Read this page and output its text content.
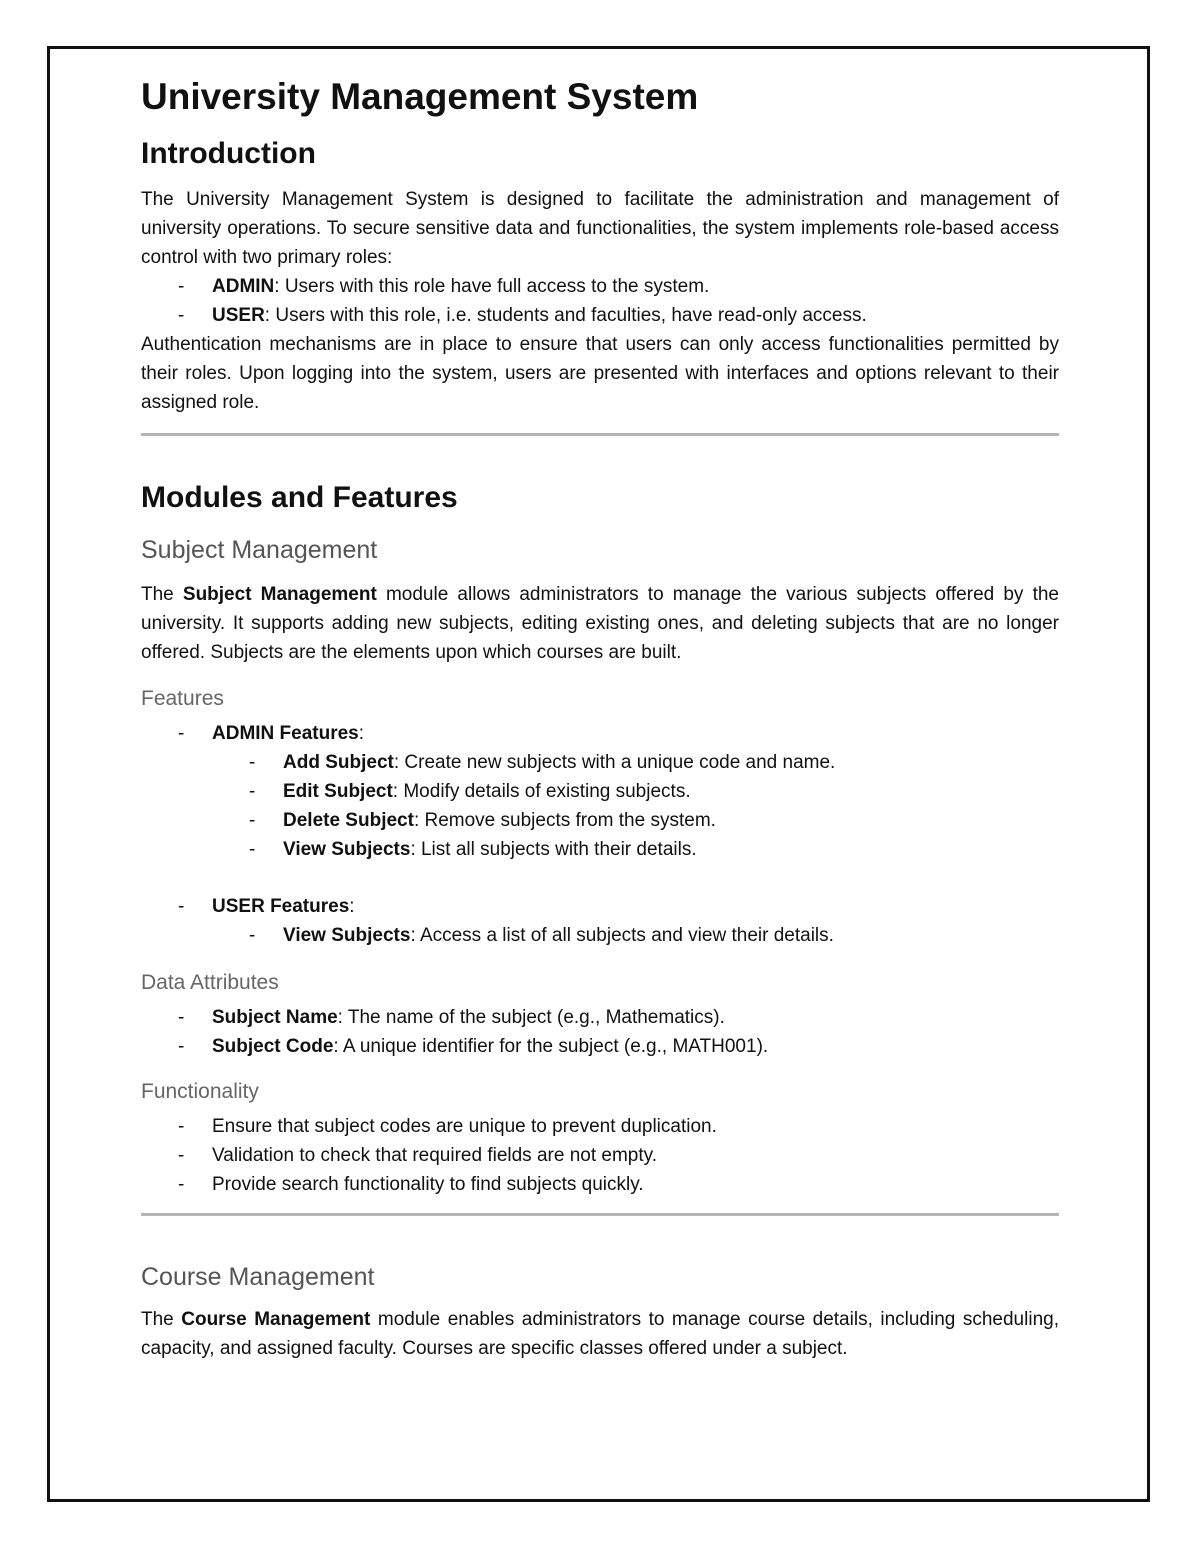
University Management System
Introduction

The University Management System is designed to facilitate the administration and management of university operations. To secure sensitive data and functionalities, the system implements role-based access control with two primary roles:

- ADMIN: Users with this role have full access to the system.
- USER: Users with this role, i.e. students and faculties, have read-only access.

Authentication mechanisms are in place to ensure that users can only access functionalities permitted by their roles. Upon logging into the system, users are presented with interfaces and options relevant to their assigned role.

Modules and Features
Subject Management

The Subject Management module allows administrators to manage the various subjects offered by the university. It supports adding new subjects, editing existing ones, and deleting subjects that are no longer offered. Subjects are the elements upon which courses are built.

Features
- ADMIN Features:
- Add Subject: Create new subjects with a unique code and name.
- Edit Subject: Modify details of existing subjects.
- Delete Subject: Remove subjects from the system.
- View Subjects: List all subjects with their details.
- USER Features:
- View Subjects: Access a list of all subjects and view their details.
Data Attributes
- Subject Name: The name of the subject (e.g., Mathematics).
- Subject Code: A unique identifier for the subject (e.g., MATH001).
Functionality
- Ensure that subject codes are unique to prevent duplication.
- Validation to check that required fields are not empty.
- Provide search functionality to find subjects quickly.
Course Management

The Course Management module enables administrators to manage course details, including scheduling, capacity, and assigned faculty. Courses are specific classes offered under a subject.
